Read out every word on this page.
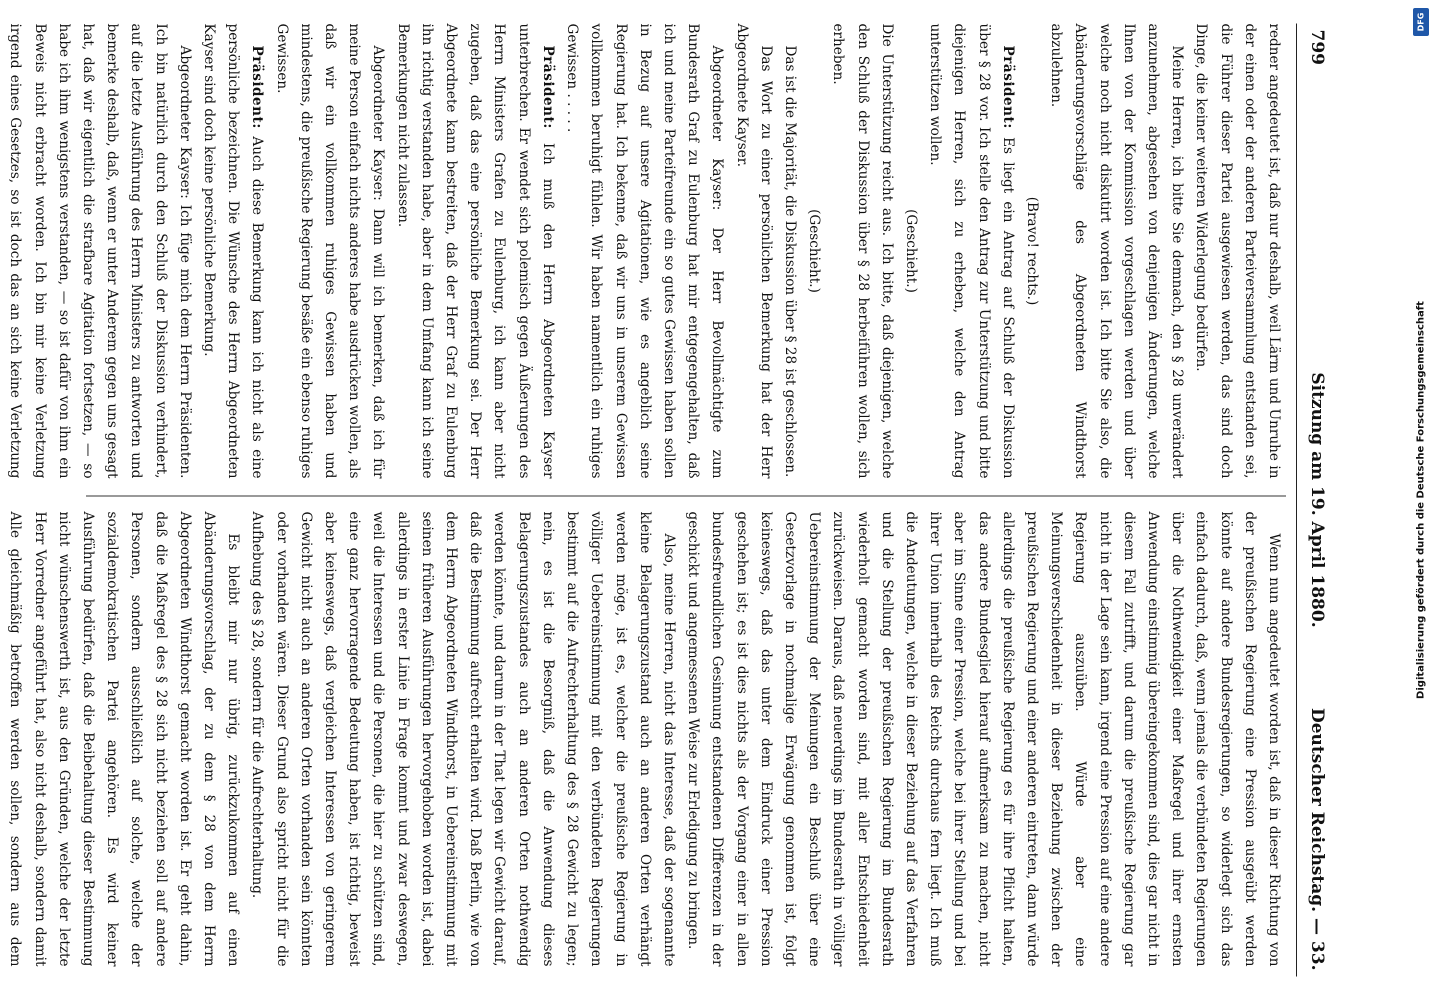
799
Sitzung am 19. April 1880.
Deutscher Reichstag. — 33.

redner angedeutet ist, daß nur deshalb, weil Lärm und Unruhe in der einen oder der anderen Parteiversammlung entstanden sei, die Führer dieser Partei ausgewiesen werden, das sind doch Dinge, die keiner weiteren Widerlegung bedürfen.

Meine Herren, ich bitte Sie demnach, den § 28 unverändert anzunehmen, abgesehen von denjenigen Änderungen, welche Ihnen von der Kommission vorgeschlagen werden und über welche noch nicht diskutirt worden ist. Ich bitte Sie also, die Abänderungsvorschläge des Abgeordneten Windthorst abzulehnen.

(Bravo! rechts.)

Präsident: Es liegt ein Antrag auf Schluß der Diskussion über § 28 vor. Ich stelle den Antrag zur Unterstützung und bitte diejenigen Herren, sich zu erheben, welche den Antrag unterstützen wollen.

(Geschieht.)

Die Unterstützung reicht aus. Ich bitte, daß diejenigen, welche den Schluß der Diskussion über § 28 herbeiführen wollen, sich erheben.

(Geschieht.)

Das ist die Majorität, die Diskussion über § 28 ist geschlossen.

Das Wort zu einer persönlichen Bemerkung hat der Herr Abgeordnete Kayser.

Abgeordneter Kayser: Der Herr Bevollmächtigte zum Bundesrath Graf zu Eulenburg hat mir entgegengehalten, daß ich und meine Parteifreunde ein so gutes Gewissen haben sollen in Bezug auf unsere Agitationen, wie es angeblich seine Regierung hat. Ich bekenne, daß wir uns in unserem Gewissen vollkommen beruhigt fühlen. Wir haben namentlich ein ruhiges Gewissen . . . . .

Präsident: Ich muß den Herrn Abgeordneten Kayser unterbrechen. Er wendet sich polemisch gegen Äußerungen des Herrn Ministers Grafen zu Eulenburg, ich kann aber nicht zugeben, daß das eine persönliche Bemerkung sei. Der Herr Abgeordnete kann bestreiten, daß der Herr Graf zu Eulenburg ihn richtig verstanden habe, aber in dem Umfang kann ich seine Bemerkungen nicht zulassen.

Abgeordneter Kayser: Dann will ich bemerken, daß ich für meine Person einfach nichts anderes habe ausdrücken wollen, als daß wir ein vollkommen ruhiges Gewissen haben und mindestens, die preußische Regierung besäße ein ebenso ruhiges Gewissen.

Präsident: Auch diese Bemerkung kann ich nicht als eine persönliche bezeichnen. Die Wünsche des Herrn Abgeordneten Kayser sind doch keine persönliche Bemerkung.

Abgeordneter Kayser: Ich füge mich dem Herrn Präsidenten. Ich bin natürlich durch den Schluß der Diskussion verhindert, auf die letzte Ausführung des Herrn Ministers zu antworten und bemerke deshalb, daß, wenn er unter Anderem gegen uns gesagt hat, daß wir eigentlich die strafbare Agitation fortsetzen, — so habe ich ihm wenigstens verstanden, — so ist dafür von ihm ein Beweis nicht erbracht worden. Ich bin mir keine Verletzung irgend eines Gesetzes, so ist doch das an sich keine Verletzung

Wenn nun angedeutet worden ist, daß in dieser Richtung von der preußischen Regierung eine Pression ausgeübt werden könnte auf andere Bundesregierungen, so widerlegt sich das einfach dadurch, daß, wenn jemals die verbündeten Regierungen über die Nothwendigkeit einer Maßregel und ihrer ernsten Anwendung einstimmig übereingekommen sind, dies gar nicht in diesem Fall zutrifft, und darum die preußische Regierung gar nicht in der Lage sein kann, irgend eine Pression auf eine andere Regierung auszuüben. Würde aber eine Meinungsverschiedenheit in dieser Beziehung zwischen der preußischen Regierung und einer anderen eintreten, dann würde allerdings die preußische Regierung es für ihre Pflicht halten, das andere Bundesglied hierauf aufmerksam zu machen, nicht aber im Sinne einer Pression, welche bei ihrer Stellung und bei ihrer Union innerhalb des Reichs durchaus fern liegt. Ich muß die Andeutungen, welche in dieser Beziehung auf das Verfahren und die Stellung der preußischen Regierung im Bundesrath wiederholt gemacht worden sind, mit aller Entschiedenheit zurückweisen. Daraus, daß neuerdings im Bundesrath in völliger Uebereinstimmung der Meinungen ein Beschluß über eine Gesetzvorlage in nochmalige Erwägung genommen ist, folgt keineswegs, daß das unter dem Eindruck einer Pression geschehen ist; es ist dies nichts als der Vorgang einer in allen bundesfreundlichen Gesinnung entstandenen Differenzen in der geschickt und angemessenen Weise zur Erledigung zu bringen.

Also, meine Herren, nicht das Interesse, daß der sogenannte kleine Belagerungszustand auch an anderen Orten verhängt werden möge, ist es, welcher die preußische Regierung in völliger Uebereinstimmung mit den verbündeten Regierungen bestimmt auf die Aufrechterhaltung des § 28 Gewicht zu legen; nein, es ist die Besorgniß, daß die Anwendung dieses Belagerungszustandes auch an anderen Orten nothwendig werden könnte, und darum in der That legen wir Gewicht darauf, daß die Bestimmung aufrecht erhalten wird. Daß Berlin, wie von dem Herrn Abgeordneten Windthorst, in Uebereinstimmung mit seinen früheren Ausführungen hervorgehoben worden ist, dabei allerdings in erster Linie in Frage kommt und zwar deswegen, weil die Interessen und die Personen, die hier zu schützen sind, eine ganz hervorragende Bedeutung haben, ist richtig, beweist aber keineswegs, daß vergleichen Interessen von geringerem Gewicht nicht auch an anderen Orten vorhanden sein könnten oder vorhanden wären. Dieser Grund also spricht nicht für die Aufhebung des § 28, sondern für die Aufrechterhaltung.

Es bleibt mir nur übrig, zurückzukommen auf einen Abänderungsvorschlag, der zu dem § 28 von dem Herrn Abgeordneten Windthorst gemacht worden ist. Er geht dahin, daß die Maßregel des § 28 sich nicht beziehen soll auf andere Personen, sondern ausschließlich auf solche, welche der sozialdemokratischen Partei angehören. Es wird keiner Ausführung bedürfen, daß die Beibehaltung dieser Bestimmung nicht wünschenswerth ist, aus den Gründen, welche der letzte Herr Vorredner angeführt hat, also nicht deshalb, sondern damit Alle gleichmäßig betroffen werden sollen, sondern aus dem

DFG
Digitalisierung gefördert durch die Deutsche Forschungsgemeinschaft
